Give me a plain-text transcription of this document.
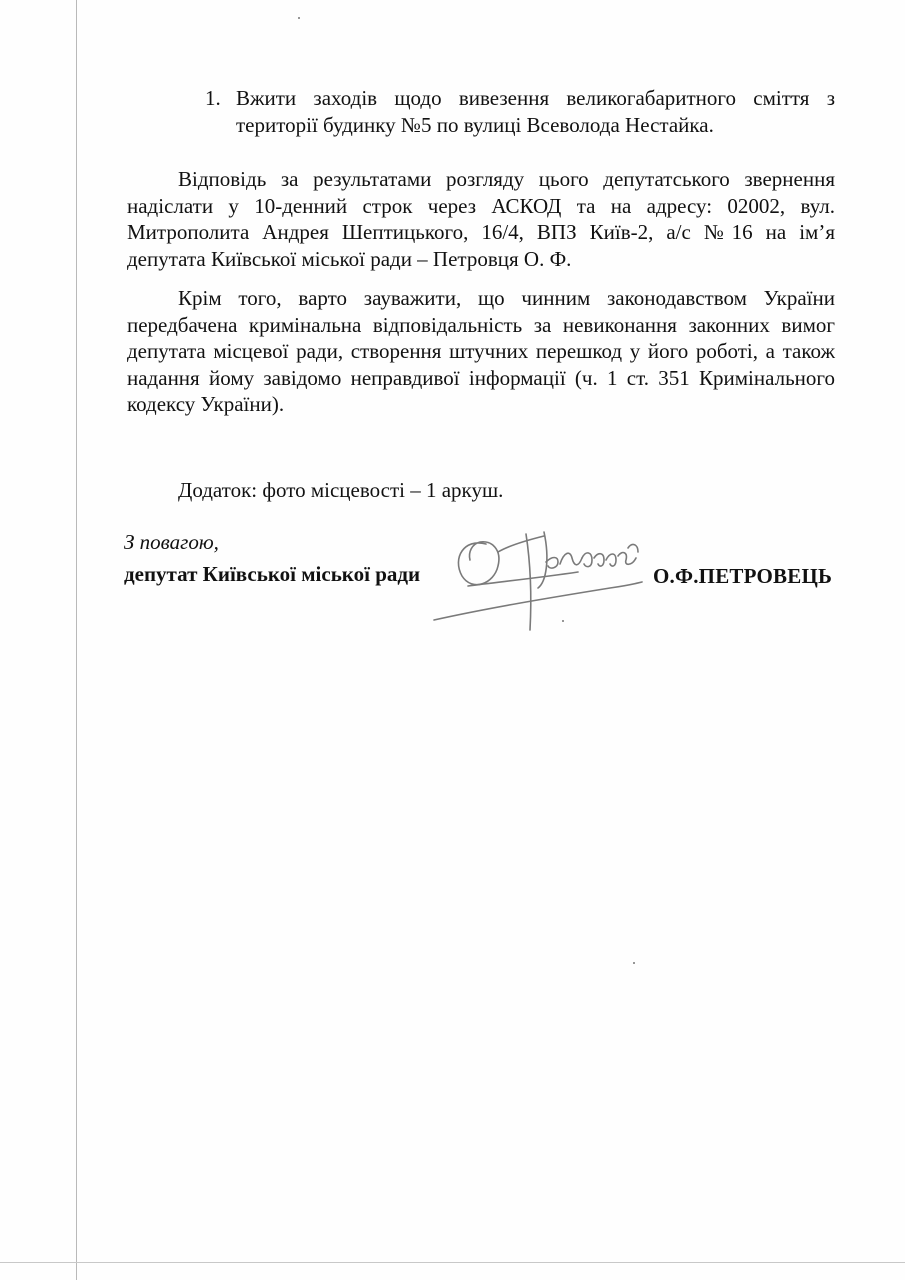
1. Вжити заходів щодо вивезення великогабаритного сміття з території будинку №5 по вулиці Всеволода Нестайка.
Відповідь за результатами розгляду цього депутатського звернення надіслати у 10-денний строк через АСКОД та на адресу: 02002, вул. Митрополита Андрея Шептицького, 16/4, ВПЗ Київ-2, а/с №16 на ім’я депутата Київської міської ради – Петровця О. Ф.
Крім того, варто зауважити, що чинним законодавством України передбачена кримінальна відповідальність за невиконання законних вимог депутата місцевої ради, створення штучних перешкод у його роботі, а також надання йому завідомо неправдивої інформації (ч. 1 ст. 351 Кримінального кодексу України).
Додаток: фото місцевості – 1 аркуш.
З повагою,
депутат Київської міської ради	О.Ф.ПЕТРОВЕЦЬ
